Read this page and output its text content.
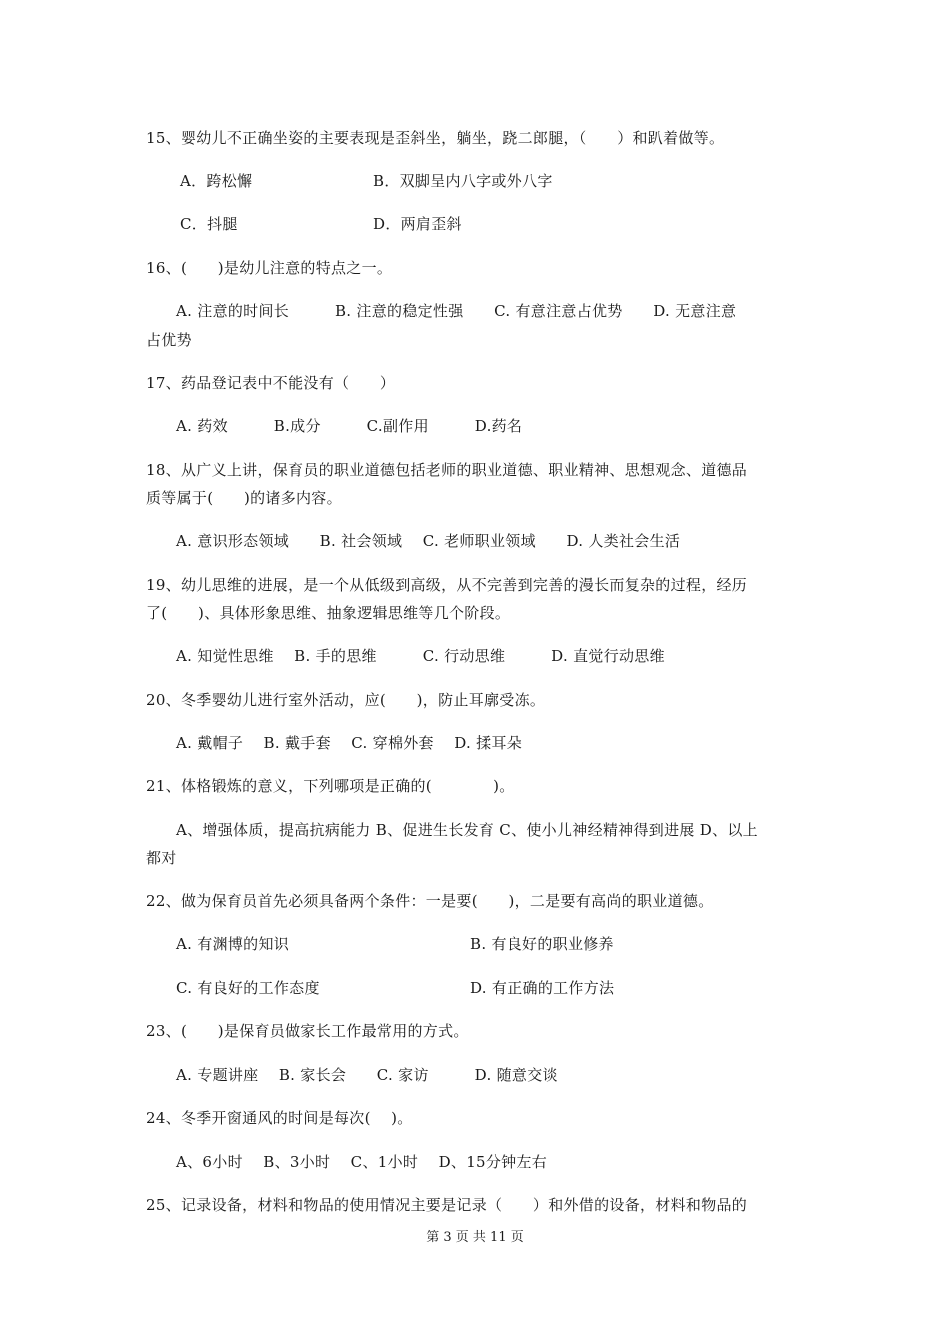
15、婴幼儿不正确坐姿的主要表现是歪斜坐，躺坐，跷二郎腿，（　　）和趴着做等。
A．跨松懈	B．双脚呈内八字或外八字
C．抖腿	D．两肩歪斜
16、(　　)是幼儿注意的特点之一。
A. 注意的时间长　　　B. 注意的稳定性强　　C. 有意注意占优势　　D. 无意注意
占优势
17、药品登记表中不能没有（　　）
A. 药效　　　B.成分　　　C.副作用　　　D.药名
18、从广义上讲，保育员的职业道德包括老师的职业道德、职业精神、思想观念、道德品
质等属于(　　)的诸多内容。
A. 意识形态领域　　B. 社会领域　 C. 老师职业领域　　D. 人类社会生活
19、幼儿思维的进展，是一个从低级到高级，从不完善到完善的漫长而复杂的过程，经历
了(　　)、具体形象思维、抽象逻辑思维等几个阶段。
A. 知觉性思维　 B. 手的思维　　　C. 行动思维　　　D. 直觉行动思维
20、冬季婴幼儿进行室外活动，应(　　)，防止耳廓受冻。
A. 戴帽子　 B. 戴手套　 C. 穿棉外套　 D. 揉耳朵
21、体格锻炼的意义，下列哪项是正确的(　　　　)。
A、增强体质，提高抗病能力 B、促进生长发育 C、使小儿神经精神得到进展 D、以上
都对
22、做为保育员首先必须具备两个条件：一是要(　　)，二是要有高尚的职业道德。
A. 有渊博的知识	B. 有良好的职业修养
C. 有良好的工作态度	D. 有正确的工作方法
23、(　　)是保育员做家长工作最常用的方式。
A. 专题讲座　 B. 家长会　　C. 家访　　　D. 随意交谈
24、冬季开窗通风的时间是每次(　 )。
A、6小时　 B、3小时　 C、1小时　 D、15分钟左右
25、记录设备，材料和物品的使用情况主要是记录（　　）和外借的设备，材料和物品的
第 3 页 共 11 页
